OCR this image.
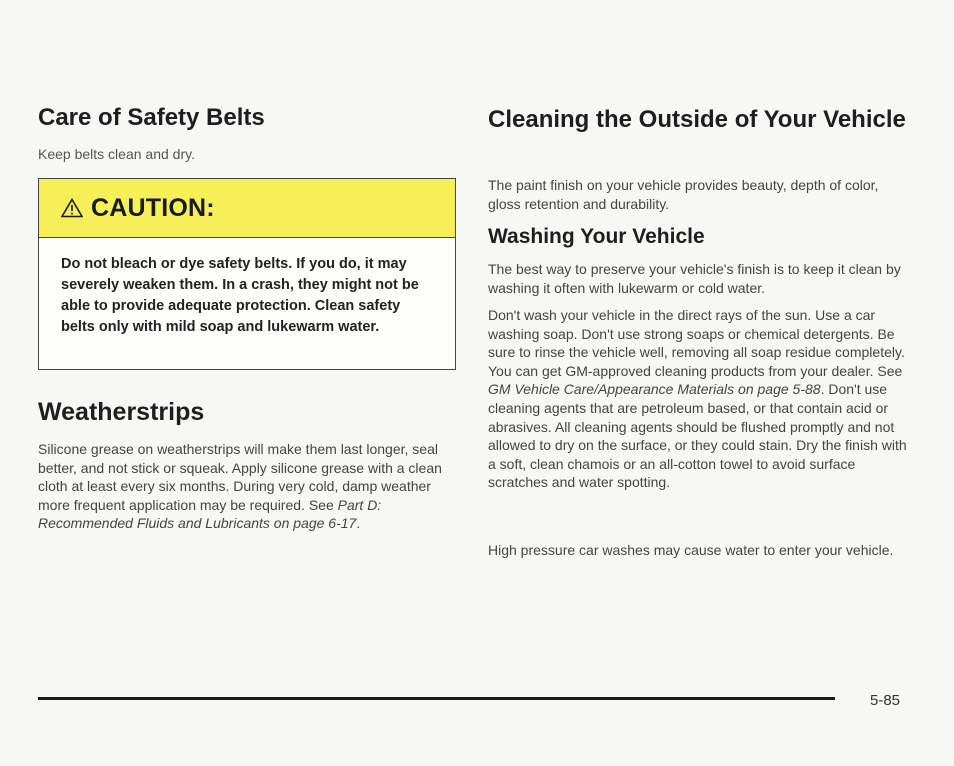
Care of Safety Belts
Keep belts clean and dry.
CAUTION:
Do not bleach or dye safety belts. If you do, it may severely weaken them. In a crash, they might not be able to provide adequate protection. Clean safety belts only with mild soap and lukewarm water.
Weatherstrips

Silicone grease on weatherstrips will make them last longer, seal better, and not stick or squeak. Apply silicone grease with a clean cloth at least every six months. During very cold, damp weather more frequent application may be required. See Part D: Recommended Fluids and Lubricants on page 6-17.

Cleaning the Outside of Your Vehicle

The paint finish on your vehicle provides beauty, depth of color, gloss retention and durability.

Washing Your Vehicle

The best way to preserve your vehicle's finish is to keep it clean by washing it often with lukewarm or cold water.

Don't wash your vehicle in the direct rays of the sun. Use a car washing soap. Don't use strong soaps or chemical detergents. Be sure to rinse the vehicle well, removing all soap residue completely. You can get GM-approved cleaning products from your dealer. See GM Vehicle Care/Appearance Materials on page 5-88. Don't use cleaning agents that are petroleum based, or that contain acid or abrasives. All cleaning agents should be flushed promptly and not allowed to dry on the surface, or they could stain. Dry the finish with a soft, clean chamois or an all-cotton towel to avoid surface scratches and water spotting.

High pressure car washes may cause water to enter your vehicle.

5-85
